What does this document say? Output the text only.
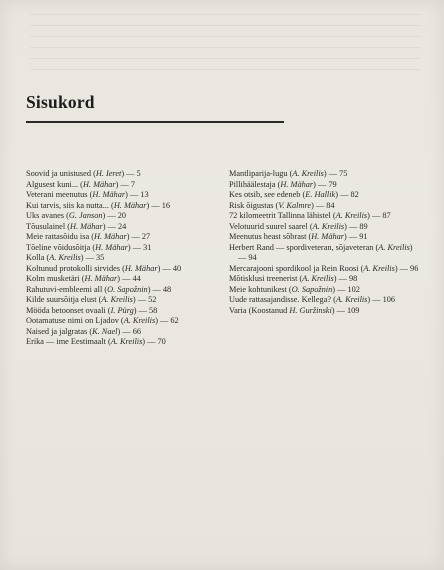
Sisukord
Soovid ja unistused (H. Ieret) — 5
Algusest kuni... (H. Mähar) — 7
Veterani meenutus (H. Mähar) — 13
Kui tarvis, siis ka nutta... (H. Mähar) — 16
Uks avanes (G. Janson) — 20
Tõusulainel (H. Mähar) — 24
Meie rattasõidu isa (H. Mähar) — 27
Tõeline võidusõitja (H. Mähar) — 31
Kolla (A. Kreilis) — 35
Koltunud protokolli sirvides (H. Mähar) — 40
Kolm musketäri (H. Mähar) — 44
Rahutuvi-embleemi all (O. Sapožnin) — 48
Kilde suursõitja elust (A. Kreilis) — 52
Mööda betoonset ovaali (I. Pürg) — 58
Ootamatuse nimi on Ljadov (A. Kreilis) — 62
Naised ja jalgratas (K. Nael) — 66
Erika — ime Eestimaalt (A. Kreilis) — 70
Mantliparija-lugu (A. Kreilis) — 75
Pillihäälestaja (H. Mähar) — 79
Kes otsib, see edeneb (E. Hallik) — 82
Risk õigustas (V. Kalmre) — 84
72 kilomeetrit Tallinna lähistel (A. Kreilis) — 87
Velotuurid suurel saarel (A. Kreilis) — 89
Meenutus heast sõbrast (H. Mähar) — 91
Herbert Rand — spordiveteran, sõjaveteran (A. Kreilis) — 94
Mercarajooni spordikool ja Rein Roosi (A. Kreilis) — 96
Mõtisklusi treenerist (A. Kreilis) — 98
Meie kohtunikest (O. Sapožnin) — 102
Uude rattasajandisse. Kellega? (A. Kreilis) — 106
Varia (Koostanud H. Guržinski) — 109
